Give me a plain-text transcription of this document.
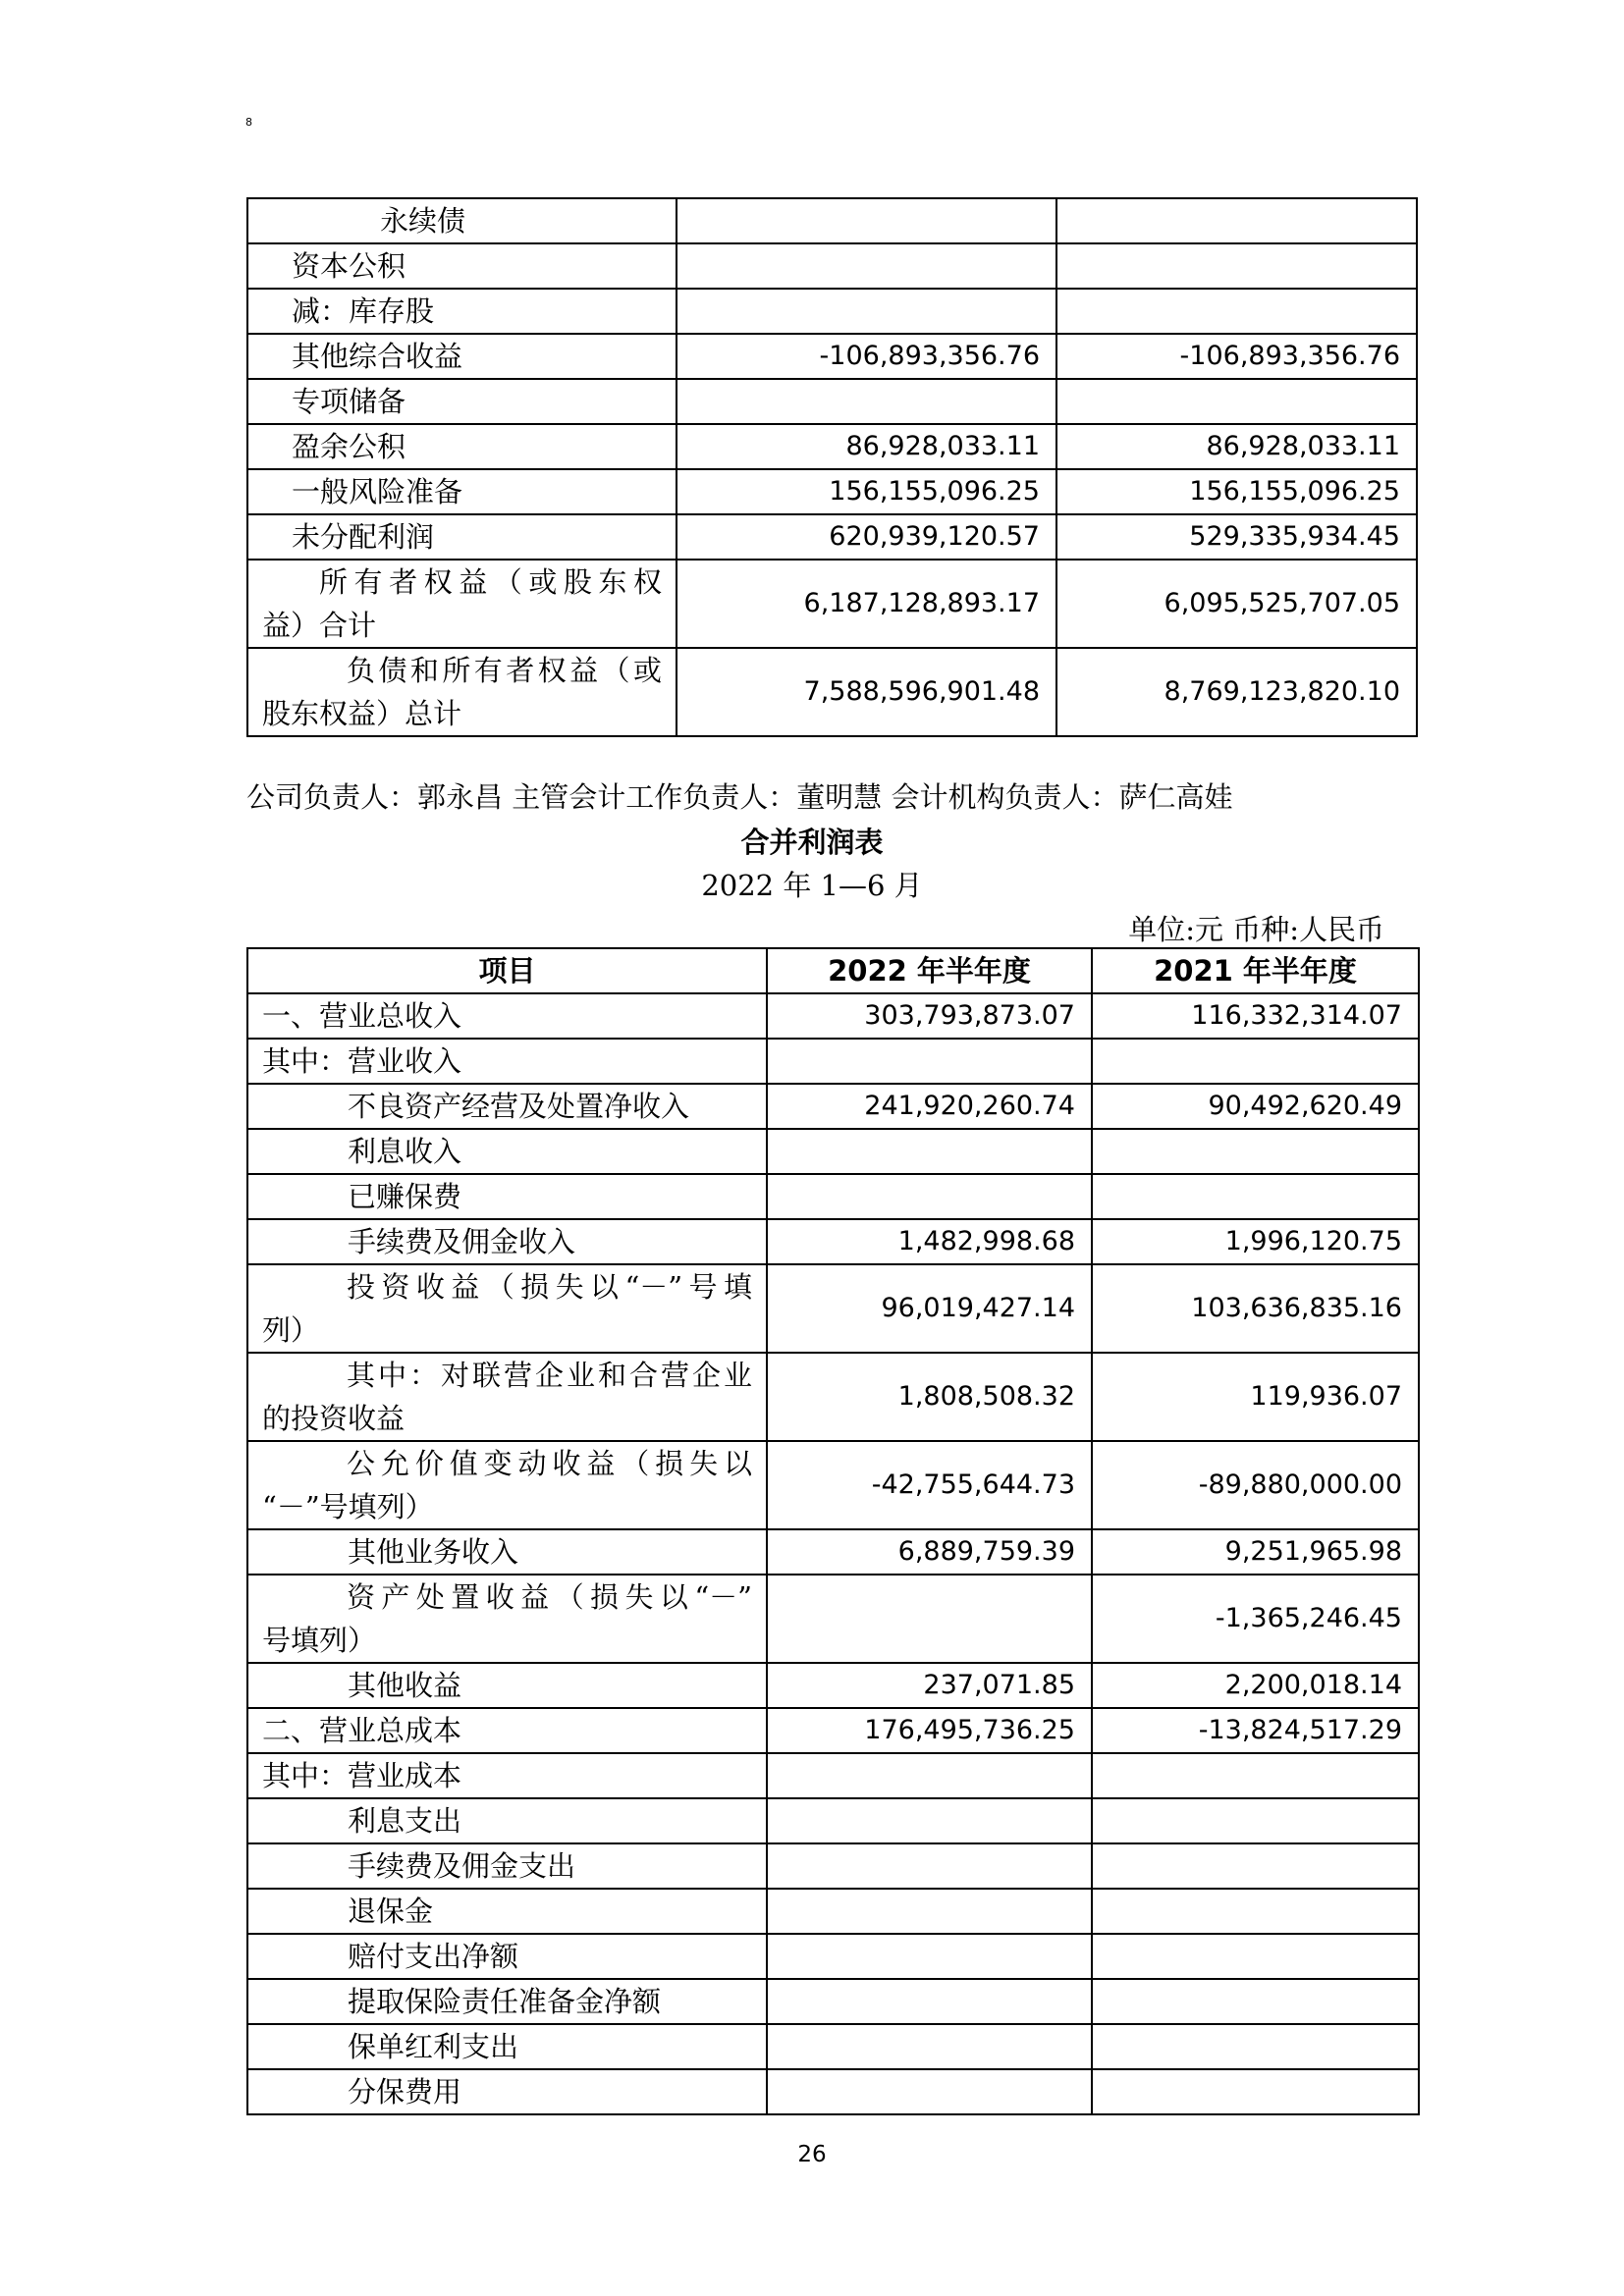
8
永续债		
资本公积		
减：库存股		
其他综合收益	-106,893,356.76	-106,893,356.76
专项储备		
盈余公积	86,928,033.11	86,928,033.11
一般风险准备	156,155,096.25	156,155,096.25
未分配利润	620,939,120.57	529,335,934.45

所有者权益（或股东权
益）合计	6,187,128,893.17	6,095,525,707.05

负债和所有者权益（或
股东权益）总计	7,588,596,901.48	8,769,123,820.10
公司负责人：郭永昌 主管会计工作负责人：董明慧 会计机构负责人：萨仁高娃
合并利润表
2022 年 1—6 月
单位:元 币种:人民币
项目	2022 年半年度	2021 年半年度
一、营业总收入	303,793,873.07	116,332,314.07
其中：营业收入		
不良资产经营及处置净收入	241,920,260.74	90,492,620.49
利息收入		
已赚保费		
手续费及佣金收入	1,482,998.68	1,996,120.75

投资收益（损失以“－”号填
列）	96,019,427.14	103,636,835.16

其中：对联营企业和合营企业
的投资收益	1,808,508.32	119,936.07

公允价值变动收益（损失以
“－”号填列）	-42,755,644.73	-89,880,000.00
其他业务收入	6,889,759.39	9,251,965.98

资产处置收益（损失以“－”
号填列）		-1,365,246.45
其他收益	237,071.85	2,200,018.14
二、营业总成本	176,495,736.25	-13,824,517.29
其中：营业成本		
利息支出		
手续费及佣金支出		
退保金		
赔付支出净额		
提取保险责任准备金净额		
保单红利支出		
分保费用		
26
